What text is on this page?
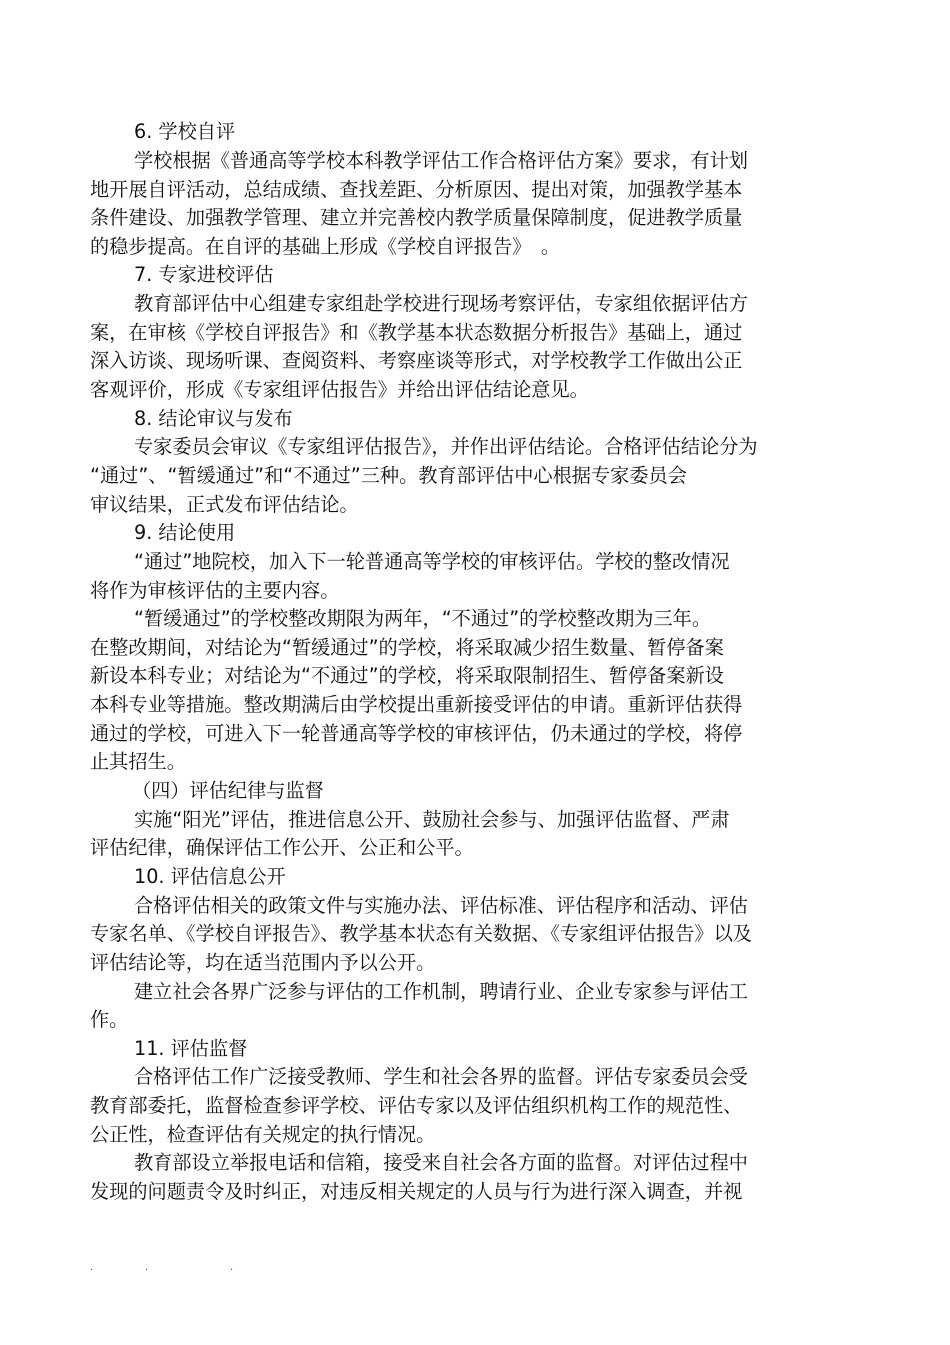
6. 学校自评
学校根据《普通高等学校本科教学评估工作合格评估方案》要求，有计划
地开展自评活动，总结成绩、查找差距、分析原因、提出对策，加强教学基本
条件建设、加强教学管理、建立并完善校内教学质量保障制度，促进教学质量
的稳步提高。在自评的基础上形成《学校自评报告》　。
7. 专家进校评估
教育部评估中心组建专家组赴学校进行现场考察评估，专家组依据评估方
案，在审核《学校自评报告》和《教学基本状态数据分析报告》基础上，通过
深入访谈、现场听课、查阅资料、考察座谈等形式，对学校教学工作做出公正
客观评价，形成《专家组评估报告》并给出评估结论意见。
8. 结论审议与发布
专家委员会审议《专家组评估报告》，并作出评估结论。合格评估结论分为
“通过”、“暂缓通过”和“不通过”三种。教育部评估中心根据专家委员会
审议结果，正式发布评估结论。
9. 结论使用
“通过”地院校，加入下一轮普通高等学校的审核评估。学校的整改情况
将作为审核评估的主要内容。
“暂缓通过”的学校整改期限为两年，“不通过”的学校整改期为三年。
在整改期间，对结论为“暂缓通过”的学校，将采取减少招生数量、暂停备案
新设本科专业；对结论为“不通过”的学校，将采取限制招生、暂停备案新设
本科专业等措施。整改期满后由学校提出重新接受评估的申请。重新评估获得
通过的学校，可进入下一轮普通高等学校的审核评估，仍未通过的学校，将停
止其招生。
（四）评估纪律与监督
实施“阳光”评估，推进信息公开、鼓励社会参与、加强评估监督、严肃
评估纪律，确保评估工作公开、公正和公平。
10. 评估信息公开
合格评估相关的政策文件与实施办法、评估标准、评估程序和活动、评估
专家名单、《学校自评报告》、教学基本状态有关数据、《专家组评估报告》以及
评估结论等，均在适当范围内予以公开。
建立社会各界广泛参与评估的工作机制，聘请行业、企业专家参与评估工
作。
11. 评估监督
合格评估工作广泛接受教师、学生和社会各界的监督。评估专家委员会受
教育部委托，监督检查参评学校、评估专家以及评估组织机构工作的规范性、
公正性，检查评估有关规定的执行情况。
教育部设立举报电话和信箱，接受来自社会各方面的监督。对评估过程中
发现的问题责令及时纠正，对违反相关规定的人员与行为进行深入调查，并视
.	.	.
